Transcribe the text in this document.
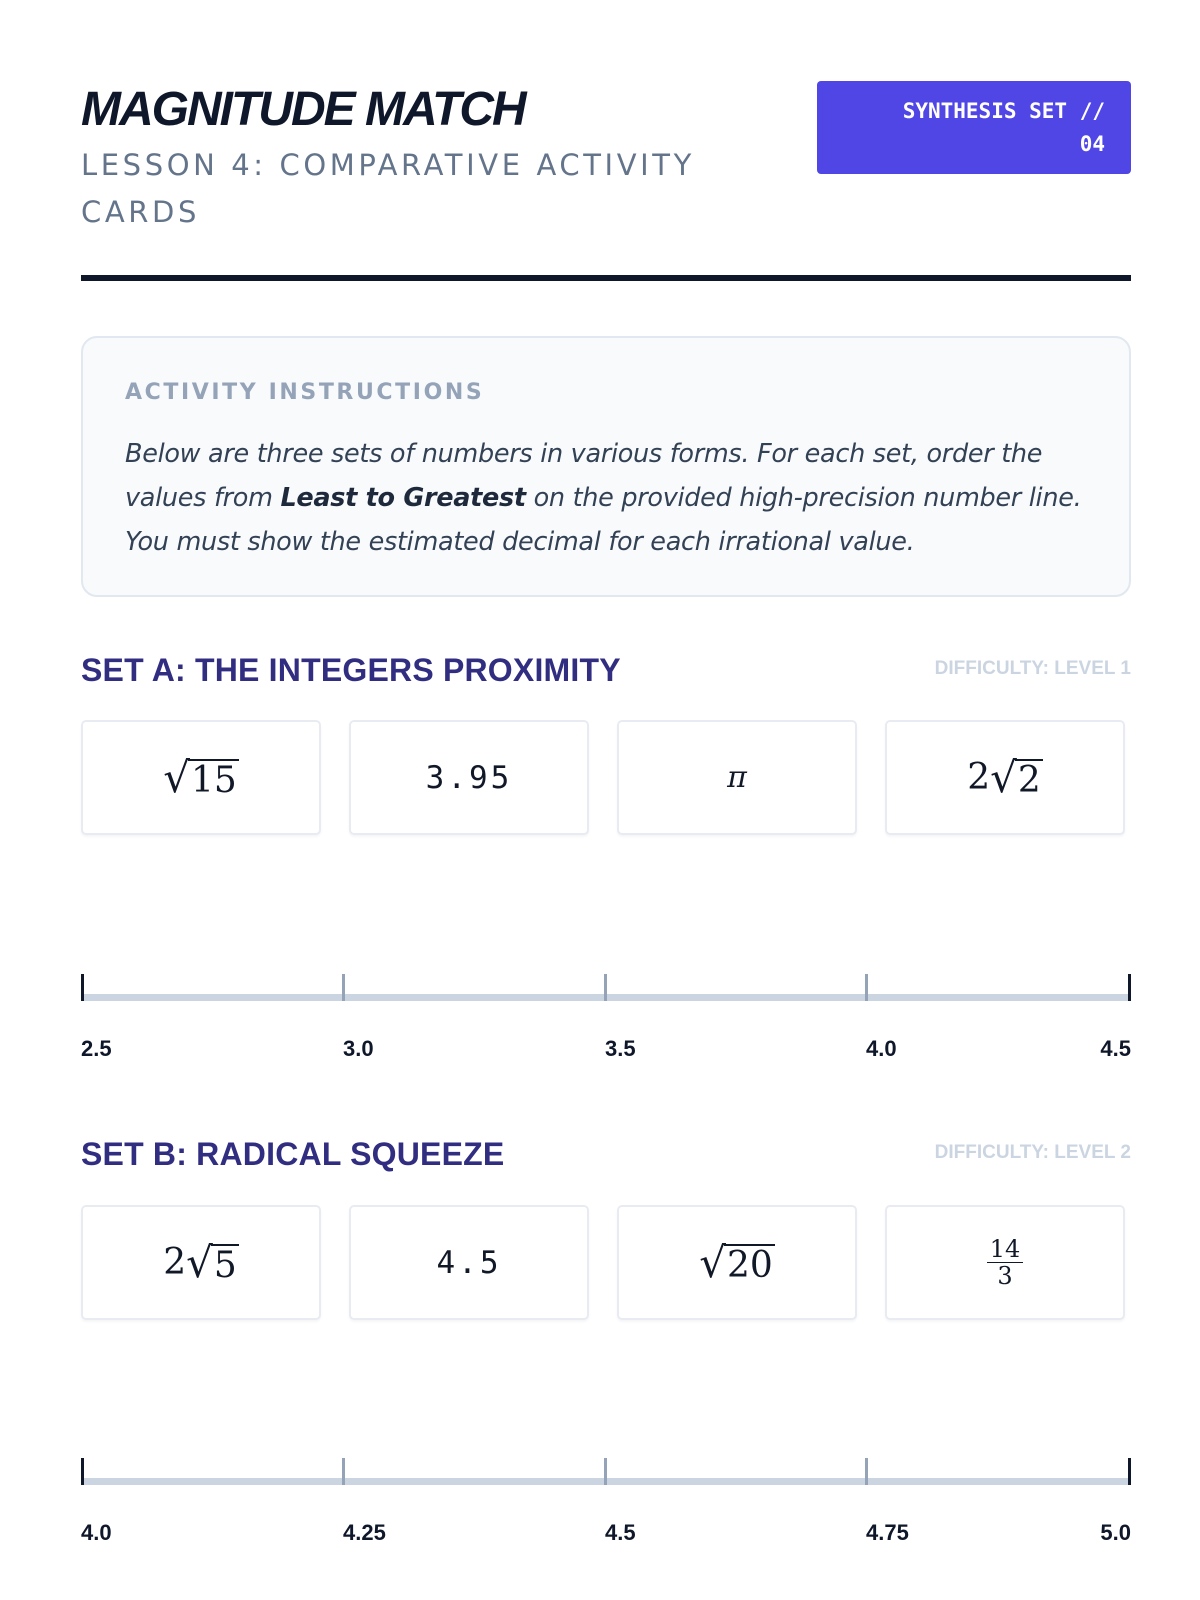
MAGNITUDE MATCH
LESSON 4: COMPARATIVE ACTIVITY CARDS
SYNTHESIS SET //
04
ACTIVITY INSTRUCTIONS
Below are three sets of numbers in various forms. For each set, order the values from Least to Greatest on the provided high-precision number line. You must show the estimated decimal for each irrational value.
SET A: THE INTEGERS PROXIMITY	DIFFICULTY: LEVEL 1
√ 15	3.95	π	2 √ 2
2.5	3.0	3.5	4.0	4.5
SET B: RADICAL SQUEEZE	DIFFICULTY: LEVEL 2
2 √ 5	4.5	√ 20	$\frac{14}{3}$
4.0	4.25	4.5	4.75	5.0
